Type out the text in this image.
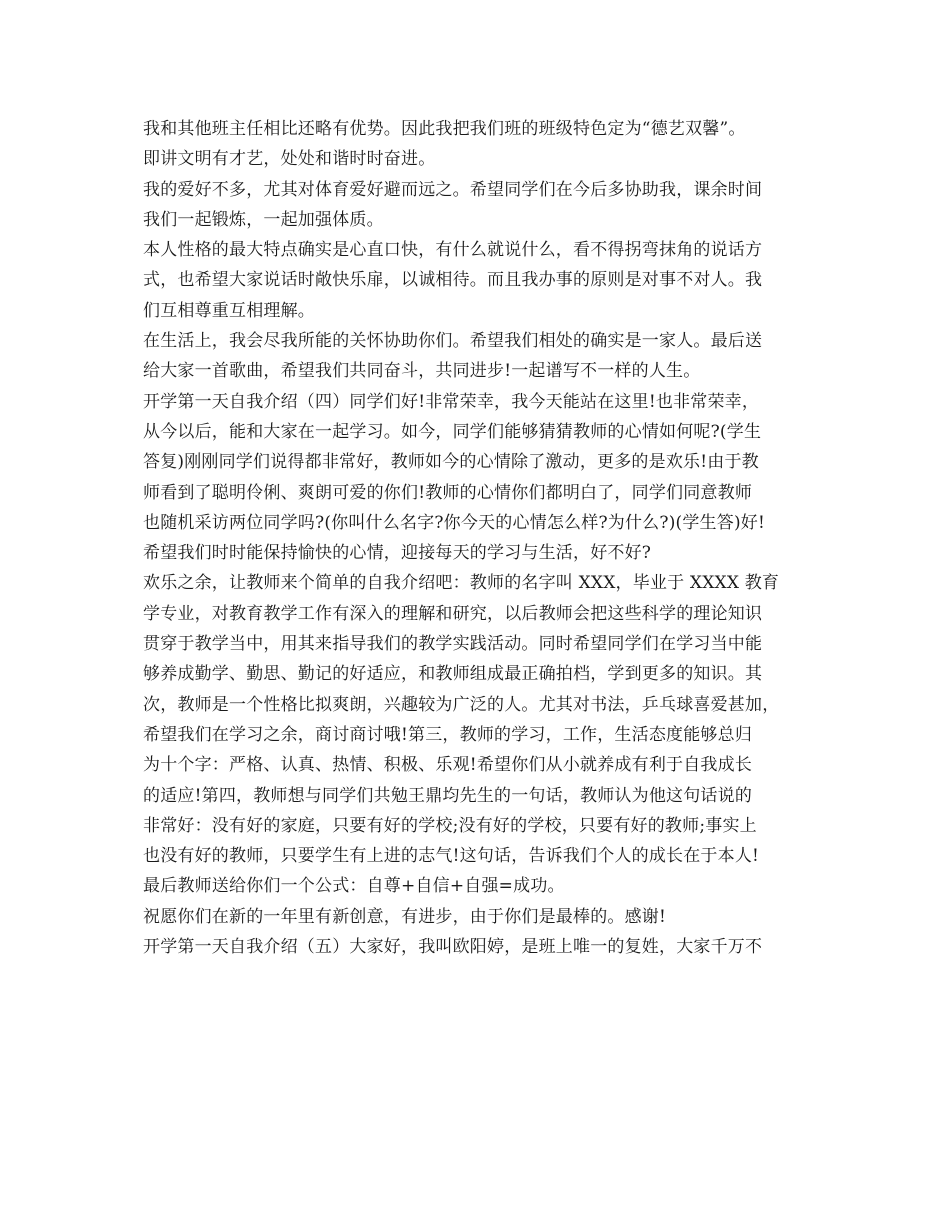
我和其他班主任相比还略有优势。因此我把我们班的班级特色定为“德艺双馨”。
即讲文明有才艺，处处和谐时时奋进。
我的爱好不多，尤其对体育爱好避而远之。希望同学们在今后多协助我，课余时间
我们一起锻炼，一起加强体质。
本人性格的最大特点确实是心直口快，有什么就说什么，看不得拐弯抹角的说话方
式，也希望大家说话时敞快乐扉，以诚相待。而且我办事的原则是对事不对人。我
们互相尊重互相理解。
在生活上，我会尽我所能的关怀协助你们。希望我们相处的确实是一家人。最后送
给大家一首歌曲，希望我们共同奋斗，共同进步!一起谱写不一样的人生。
开学第一天自我介绍（四）同学们好!非常荣幸，我今天能站在这里!也非常荣幸，
从今以后，能和大家在一起学习。如今，同学们能够猜猜教师的心情如何呢?(学生
答复)刚刚同学们说得都非常好，教师如今的心情除了激动，更多的是欢乐!由于教
师看到了聪明伶俐、爽朗可爱的你们!教师的心情你们都明白了，同学们同意教师
也随机采访两位同学吗?(你叫什么名字?你今天的心情怎么样?为什么?)(学生答)好!
希望我们时时能保持愉快的心情，迎接每天的学习与生活，好不好?
欢乐之余，让教师来个简单的自我介绍吧：教师的名字叫 XXX，毕业于 XXXX 教育
学专业，对教育教学工作有深入的理解和研究，以后教师会把这些科学的理论知识
贯穿于教学当中，用其来指导我们的教学实践活动。同时希望同学们在学习当中能
够养成勤学、勤思、勤记的好适应，和教师组成最正确拍档，学到更多的知识。其
次，教师是一个性格比拟爽朗，兴趣较为广泛的人。尤其对书法，乒乓球喜爱甚加，
希望我们在学习之余，商讨商讨哦!第三，教师的学习，工作，生活态度能够总归
为十个字：严格、认真、热情、积极、乐观!希望你们从小就养成有利于自我成长
的适应!第四，教师想与同学们共勉王鼎均先生的一句话，教师认为他这句话说的
非常好：没有好的家庭，只要有好的学校;没有好的学校，只要有好的教师;事实上
也没有好的教师，只要学生有上进的志气!这句话，告诉我们个人的成长在于本人!
最后教师送给你们一个公式：自尊+自信+自强=成功。
祝愿你们在新的一年里有新创意，有进步，由于你们是最棒的。感谢!
开学第一天自我介绍（五）大家好，我叫欧阳婷，是班上唯一的复姓，大家千万不
